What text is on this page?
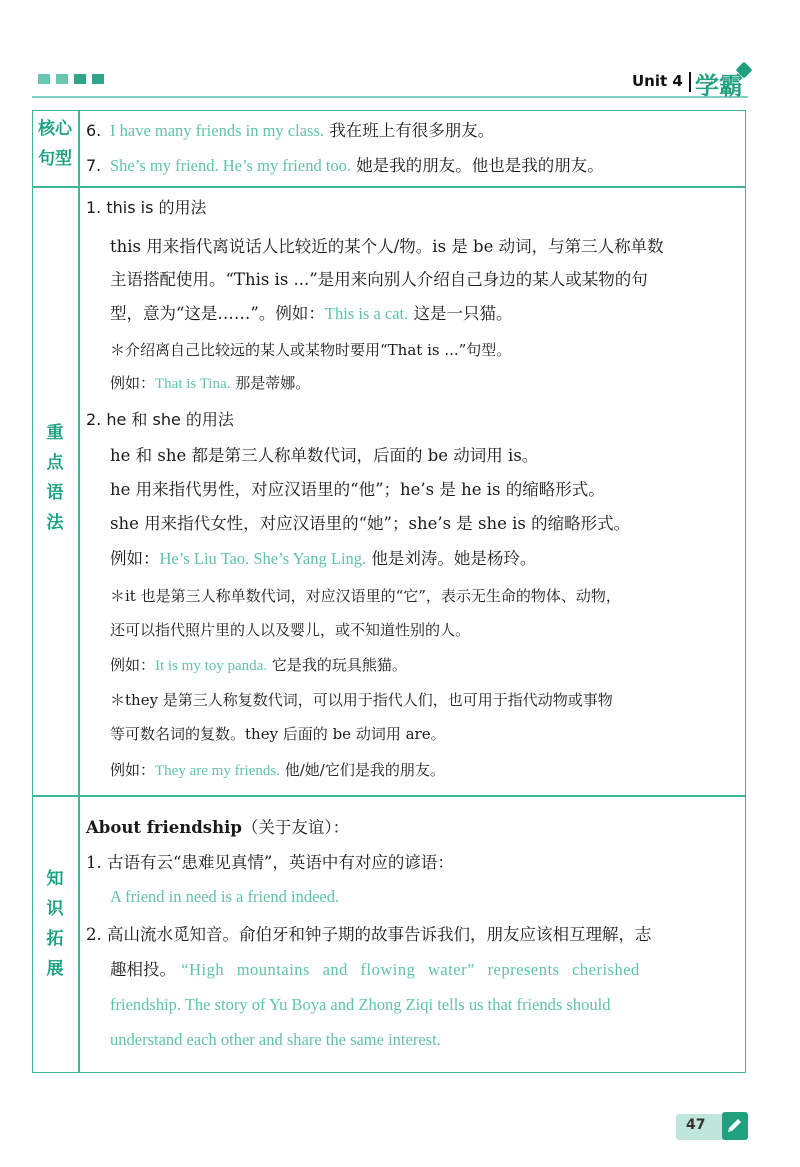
Unit 4 学霸
核心
句型
6. I have many friends in my class. 我在班上有很多朋友。
7. She’s my friend. He’s my friend too. 她是我的朋友。他也是我的朋友。
重
点
语
法
1. this is 的用法
this 用来指代离说话人比较近的某个人/物。is 是 be 动词，与第三人称单数
主语搭配使用。“This is ...”是用来向别人介绍自己身边的某人或某物的句
型，意为“这是……”。例如：This is a cat. 这是一只猫。
＊介绍离自己比较远的某人或某物时要用“That is ...”句型。
例如：That is Tina. 那是蒂娜。
2. he 和 she 的用法
he 和 she 都是第三人称单数代词，后面的 be 动词用 is。
he 用来指代男性，对应汉语里的“他”；he’s 是 he is 的缩略形式。
she 用来指代女性，对应汉语里的“她”；she’s 是 she is 的缩略形式。
例如：He’s Liu Tao. She’s Yang Ling. 他是刘涛。她是杨玲。
＊it 也是第三人称单数代词，对应汉语里的“它”，表示无生命的物体、动物，
还可以指代照片里的人以及婴儿，或不知道性别的人。
例如：It is my toy panda. 它是我的玩具熊猫。
＊they 是第三人称复数代词，可以用于指代人们，也可用于指代动物或事物
等可数名词的复数。they 后面的 be 动词用 are。
例如：They are my friends. 他/她/它们是我的朋友。
知
识
拓
展
About friendship（关于友谊）：
1. 古语有云“患难见真情”，英语中有对应的谚语：
A friend in need is a friend indeed.
2. 高山流水觅知音。俞伯牙和钟子期的故事告诉我们，朋友应该相互理解，志
趣相投。 “High mountains and flowing water” represents cherished
friendship. The story of Yu Boya and Zhong Ziqi tells us that friends should
understand each other and share the same interest.
47
